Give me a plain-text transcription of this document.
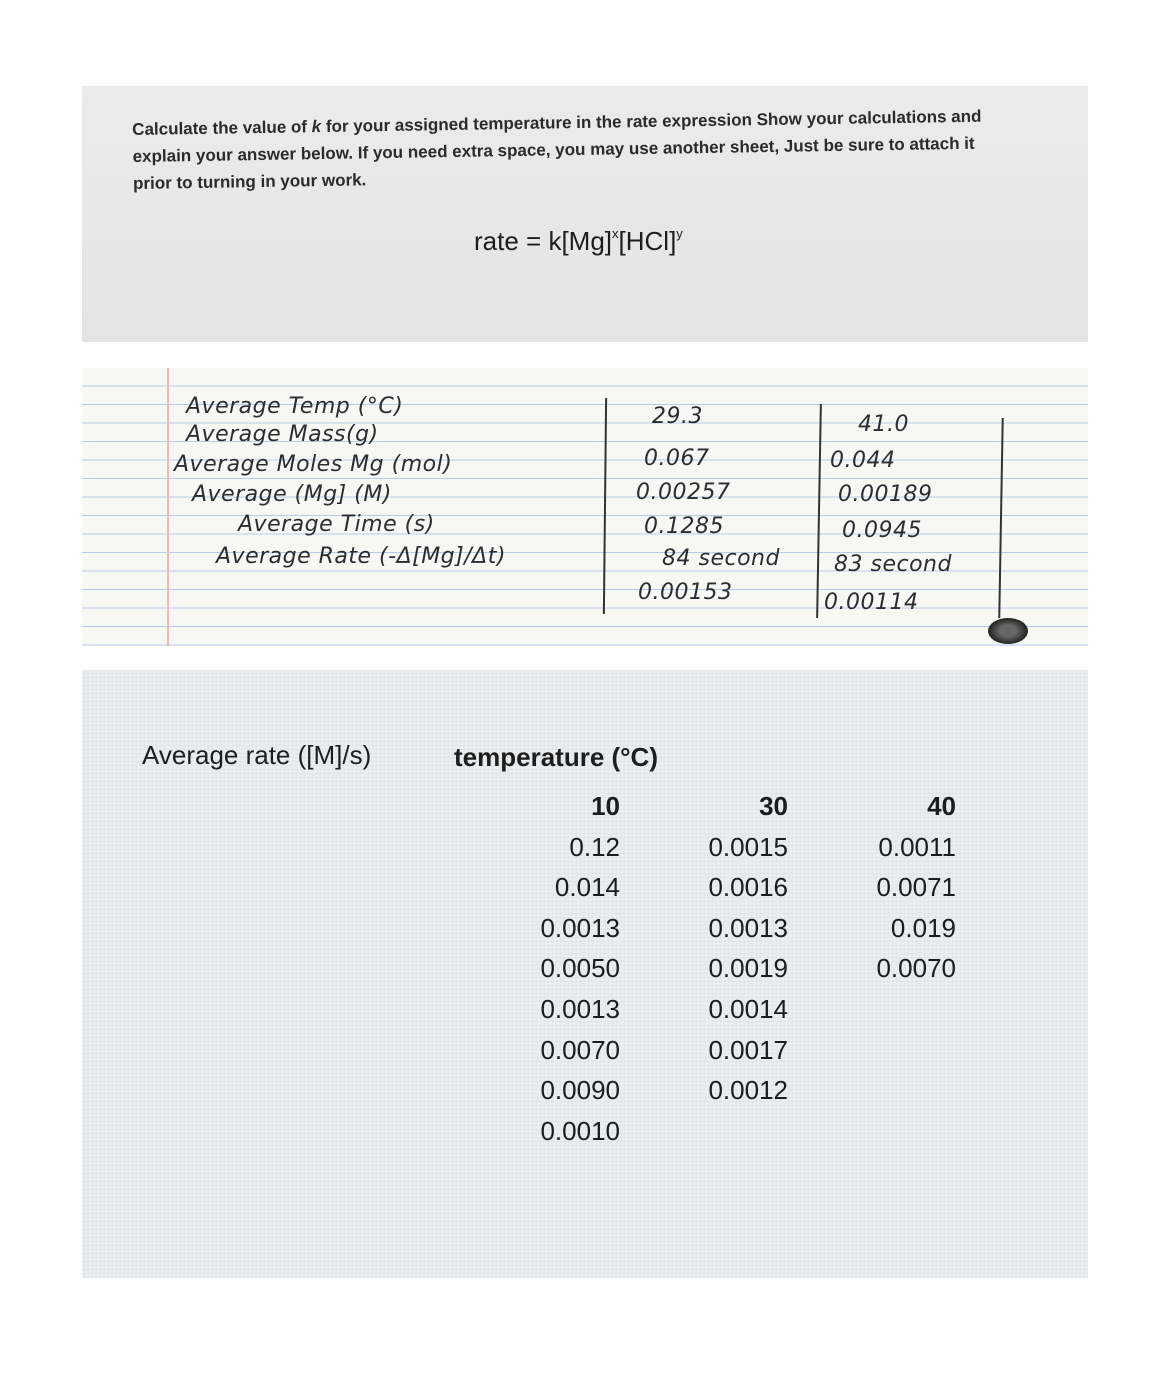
Calculate the value of k for your assigned temperature in the rate expression Show your calculations and
explain your answer below. If you need extra space, you may use another sheet, Just be sure to attach it
prior to turning in your work.
rate = $k[Mg]^x[HCl]^y$
Average Temp (°C)
Average Mass(g)
Average Moles Mg (mol)
Average (Mg] (M)
Average Time (s)
Average Rate (-Δ[Mg]/Δt)
29.3
0.067
0.00257
0.1285
84 second
0.00153
41.0
0.044
0.00189
0.0945
83 second
0.00114
Average rate ([M]/s)	temperature (°C)
10
0.12
0.014
0.0013
0.0050
0.0013
0.0070
0.0090
0.0010
30
0.0015
0.0016
0.0013
0.0019
0.0014
0.0017
0.0012
40
0.0011
0.0071
0.019
0.0070
